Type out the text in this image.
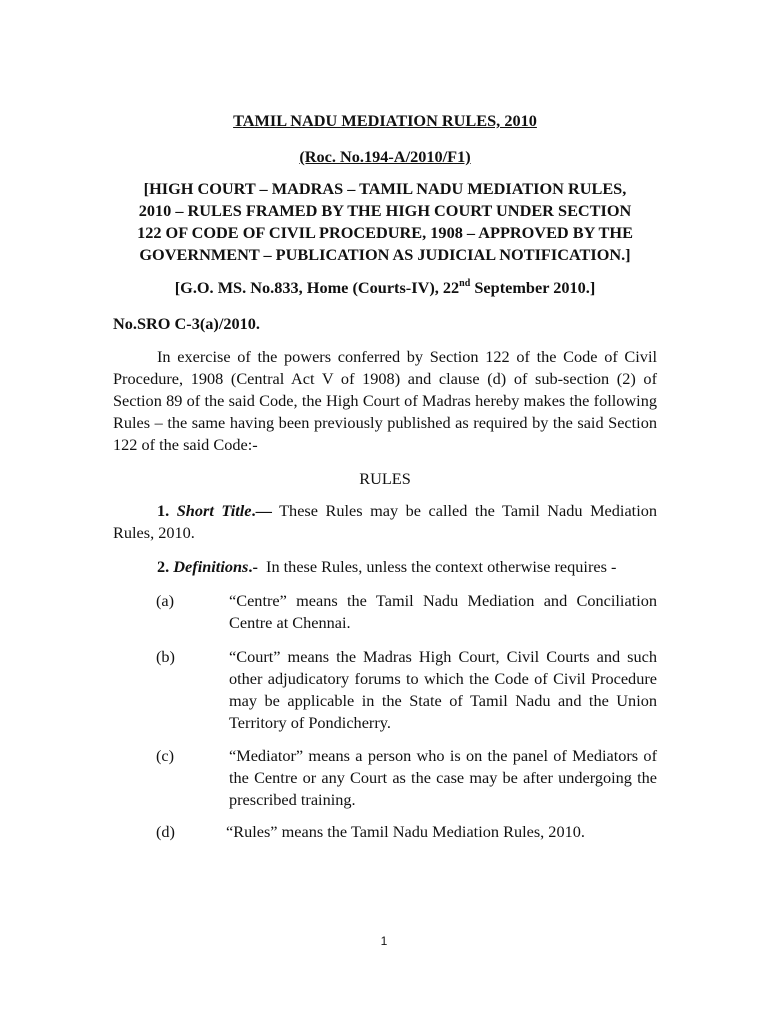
TAMIL NADU MEDIATION RULES, 2010
(Roc. No.194-A/2010/F1)
[HIGH COURT – MADRAS – TAMIL NADU MEDIATION RULES,
2010 – RULES FRAMED BY THE HIGH COURT UNDER SECTION
122 OF CODE OF CIVIL PROCEDURE, 1908 – APPROVED BY THE
GOVERNMENT – PUBLICATION AS JUDICIAL NOTIFICATION.]
[G.O. MS. No.833, Home (Courts-IV), 22nd September 2010.]
No.SRO C-3(a)/2010.
In exercise of the powers conferred by Section 122 of the Code of Civil Procedure, 1908 (Central Act V of 1908) and clause (d) of sub-section (2) of Section 89 of the said Code, the High Court of Madras hereby makes the following Rules – the same having been previously published as required by the said Section 122 of the said Code:-
RULES
1. Short Title.— These Rules may be called the Tamil Nadu Mediation Rules, 2010.
2. Definitions.- In these Rules, unless the context otherwise requires -
(a)	“Centre” means the Tamil Nadu Mediation and Conciliation Centre at Chennai.
(b)	“Court” means the Madras High Court, Civil Courts and such other adjudicatory forums to which the Code of Civil Procedure may be applicable in the State of Tamil Nadu and the Union Territory of Pondicherry.
(c)	“Mediator” means a person who is on the panel of Mediators of the Centre or any Court as the case may be after undergoing the prescribed training.
(d)	“Rules” means the Tamil Nadu Mediation Rules, 2010.
1
